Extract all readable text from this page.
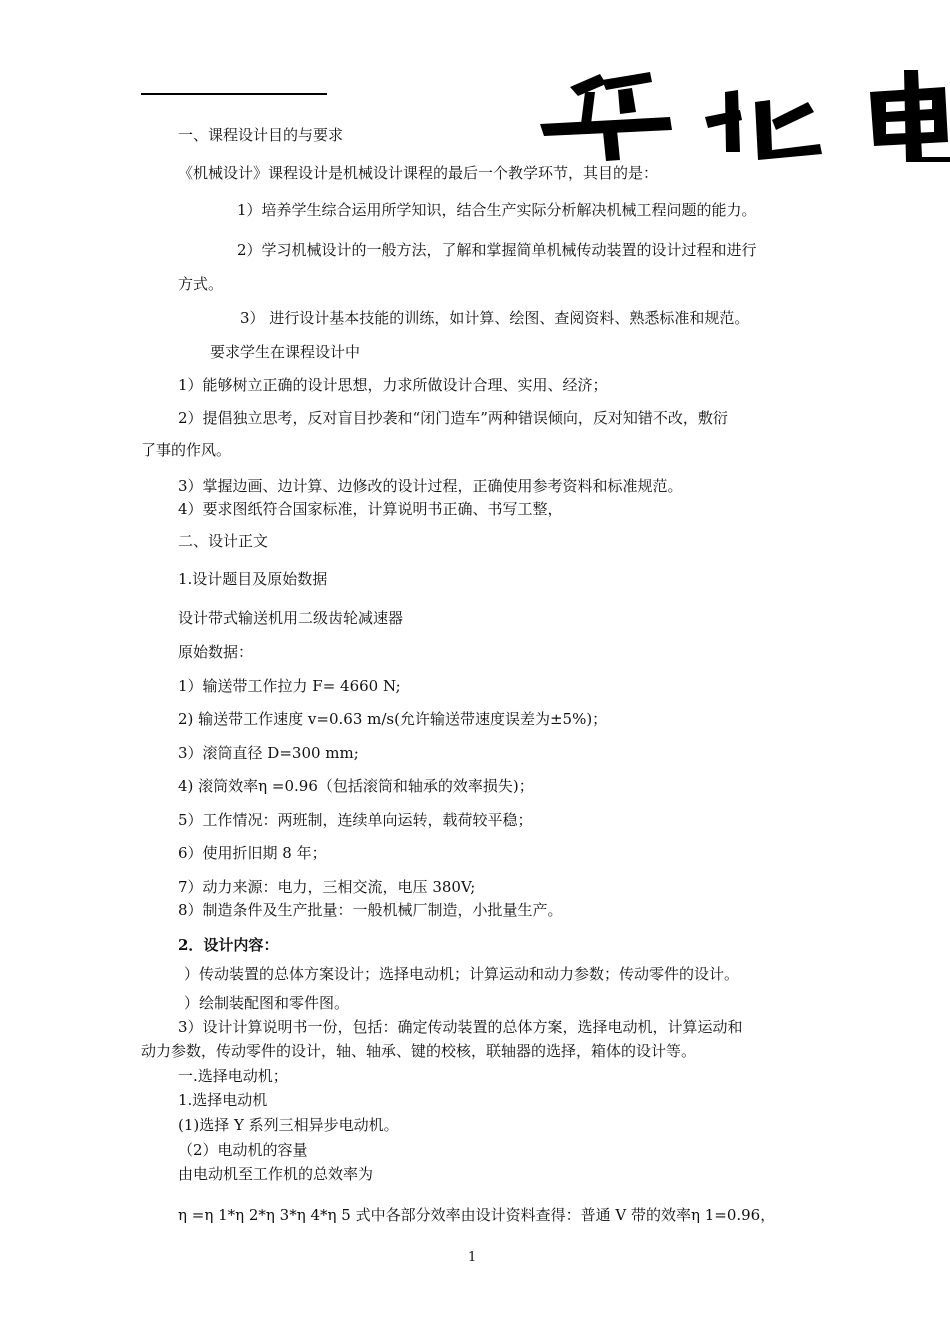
一、课程设计目的与要求
《机械设计》课程设计是机械设计课程的最后一个教学环节，其目的是：
1）培养学生综合运用所学知识，结合生产实际分析解决机械工程问题的能力。
2）学习机械设计的一般方法，了解和掌握简单机械传动装置的设计过程和进行
方式。
3） 进行设计基本技能的训练，如计算、绘图、查阅资料、熟悉标准和规范。
要求学生在课程设计中
1）能够树立正确的设计思想，力求所做设计合理、实用、经济；
2）提倡独立思考，反对盲目抄袭和“闭门造车”两种错误倾向，反对知错不改，敷衍
了事的作风。
3）掌握边画、边计算、边修改的设计过程，正确使用参考资料和标准规范。
4）要求图纸符合国家标准，计算说明书正确、书写工整，
二、设计正文
1.设计题目及原始数据
设计带式输送机用二级齿轮减速器
原始数据：
1）输送带工作拉力 F= 4660 N;
2) 输送带工作速度 v=0.63 m/s(允许输送带速度误差为±5%)；
3）滚筒直径 D=300 mm;
4) 滚筒效率η =0.96（包括滚筒和轴承的效率损失)；
5）工作情况：两班制，连续单向运转，载荷较平稳；
6）使用折旧期 8 年；
7）动力来源：电力，三相交流，电压 380V;
8）制造条件及生产批量：一般机械厂制造，小批量生产。
2．设计内容：
）传动装置的总体方案设计；选择电动机；计算运动和动力参数；传动零件的设计。
）绘制装配图和零件图。
3）设计计算说明书一份，包括：确定传动装置的总体方案，选择电动机，计算运动和
动力参数，传动零件的设计，轴、轴承、键的校核，联轴器的选择，箱体的设计等。
一.选择电动机；
1.选择电动机
(1)选择 Y 系列三相异步电动机。
（2）电动机的容量
由电动机至工作机的总效率为
η =η 1*η 2*η 3*η 4*η 5 式中各部分效率由设计资料查得：普通 V 带的效率η 1=0.96，
1
